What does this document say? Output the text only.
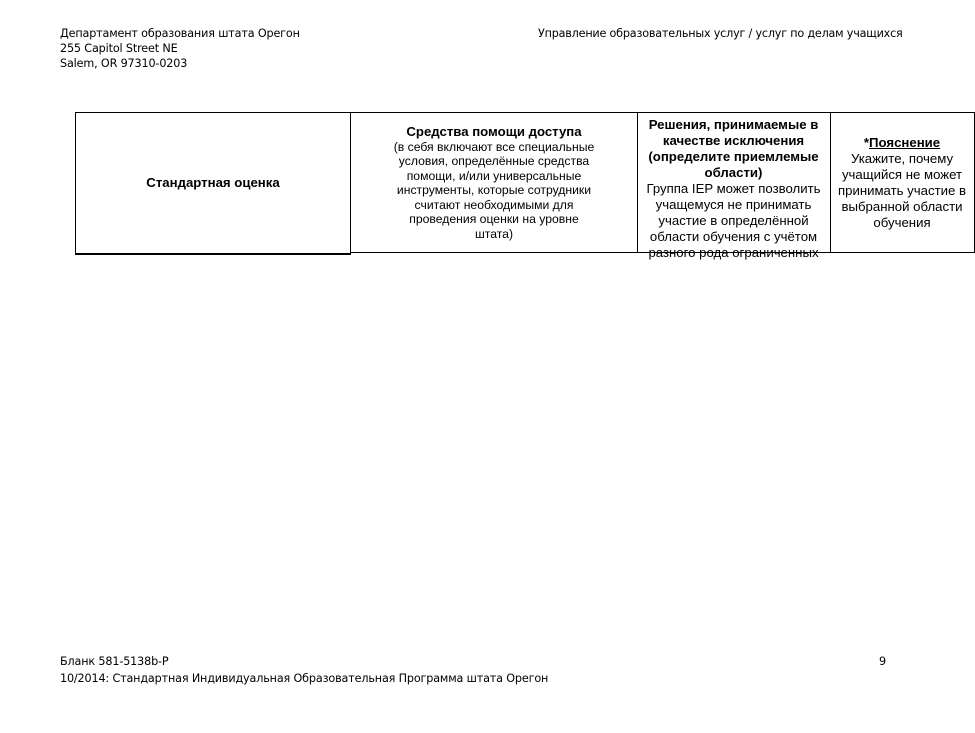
Департамент образования штата Орегон
255 Capitol Street NE
Salem, OR 97310-0203
Управление образовательных услуг / услуг по делам учащихся
Стандартная оценка
Средства помощи доступа
(в себя включают все специальные условия, определённые средства помощи, и/или универсальные инструменты, которые сотрудники считают необходимыми для проведения оценки на уровне штата)
Решения, принимаемые в качестве исключения (определите приемлемые области)
Группа IEP может позволить учащемуся не принимать участие в определённой области обучения с учётом разного рода ограниченных
*Пояснение
Укажите, почему учащийся не может принимать участие в выбранной области обучения
Бланк 581-5138b-P
10/2014: Стандартная Индивидуальная Образовательная Программа штата Орегон
9
